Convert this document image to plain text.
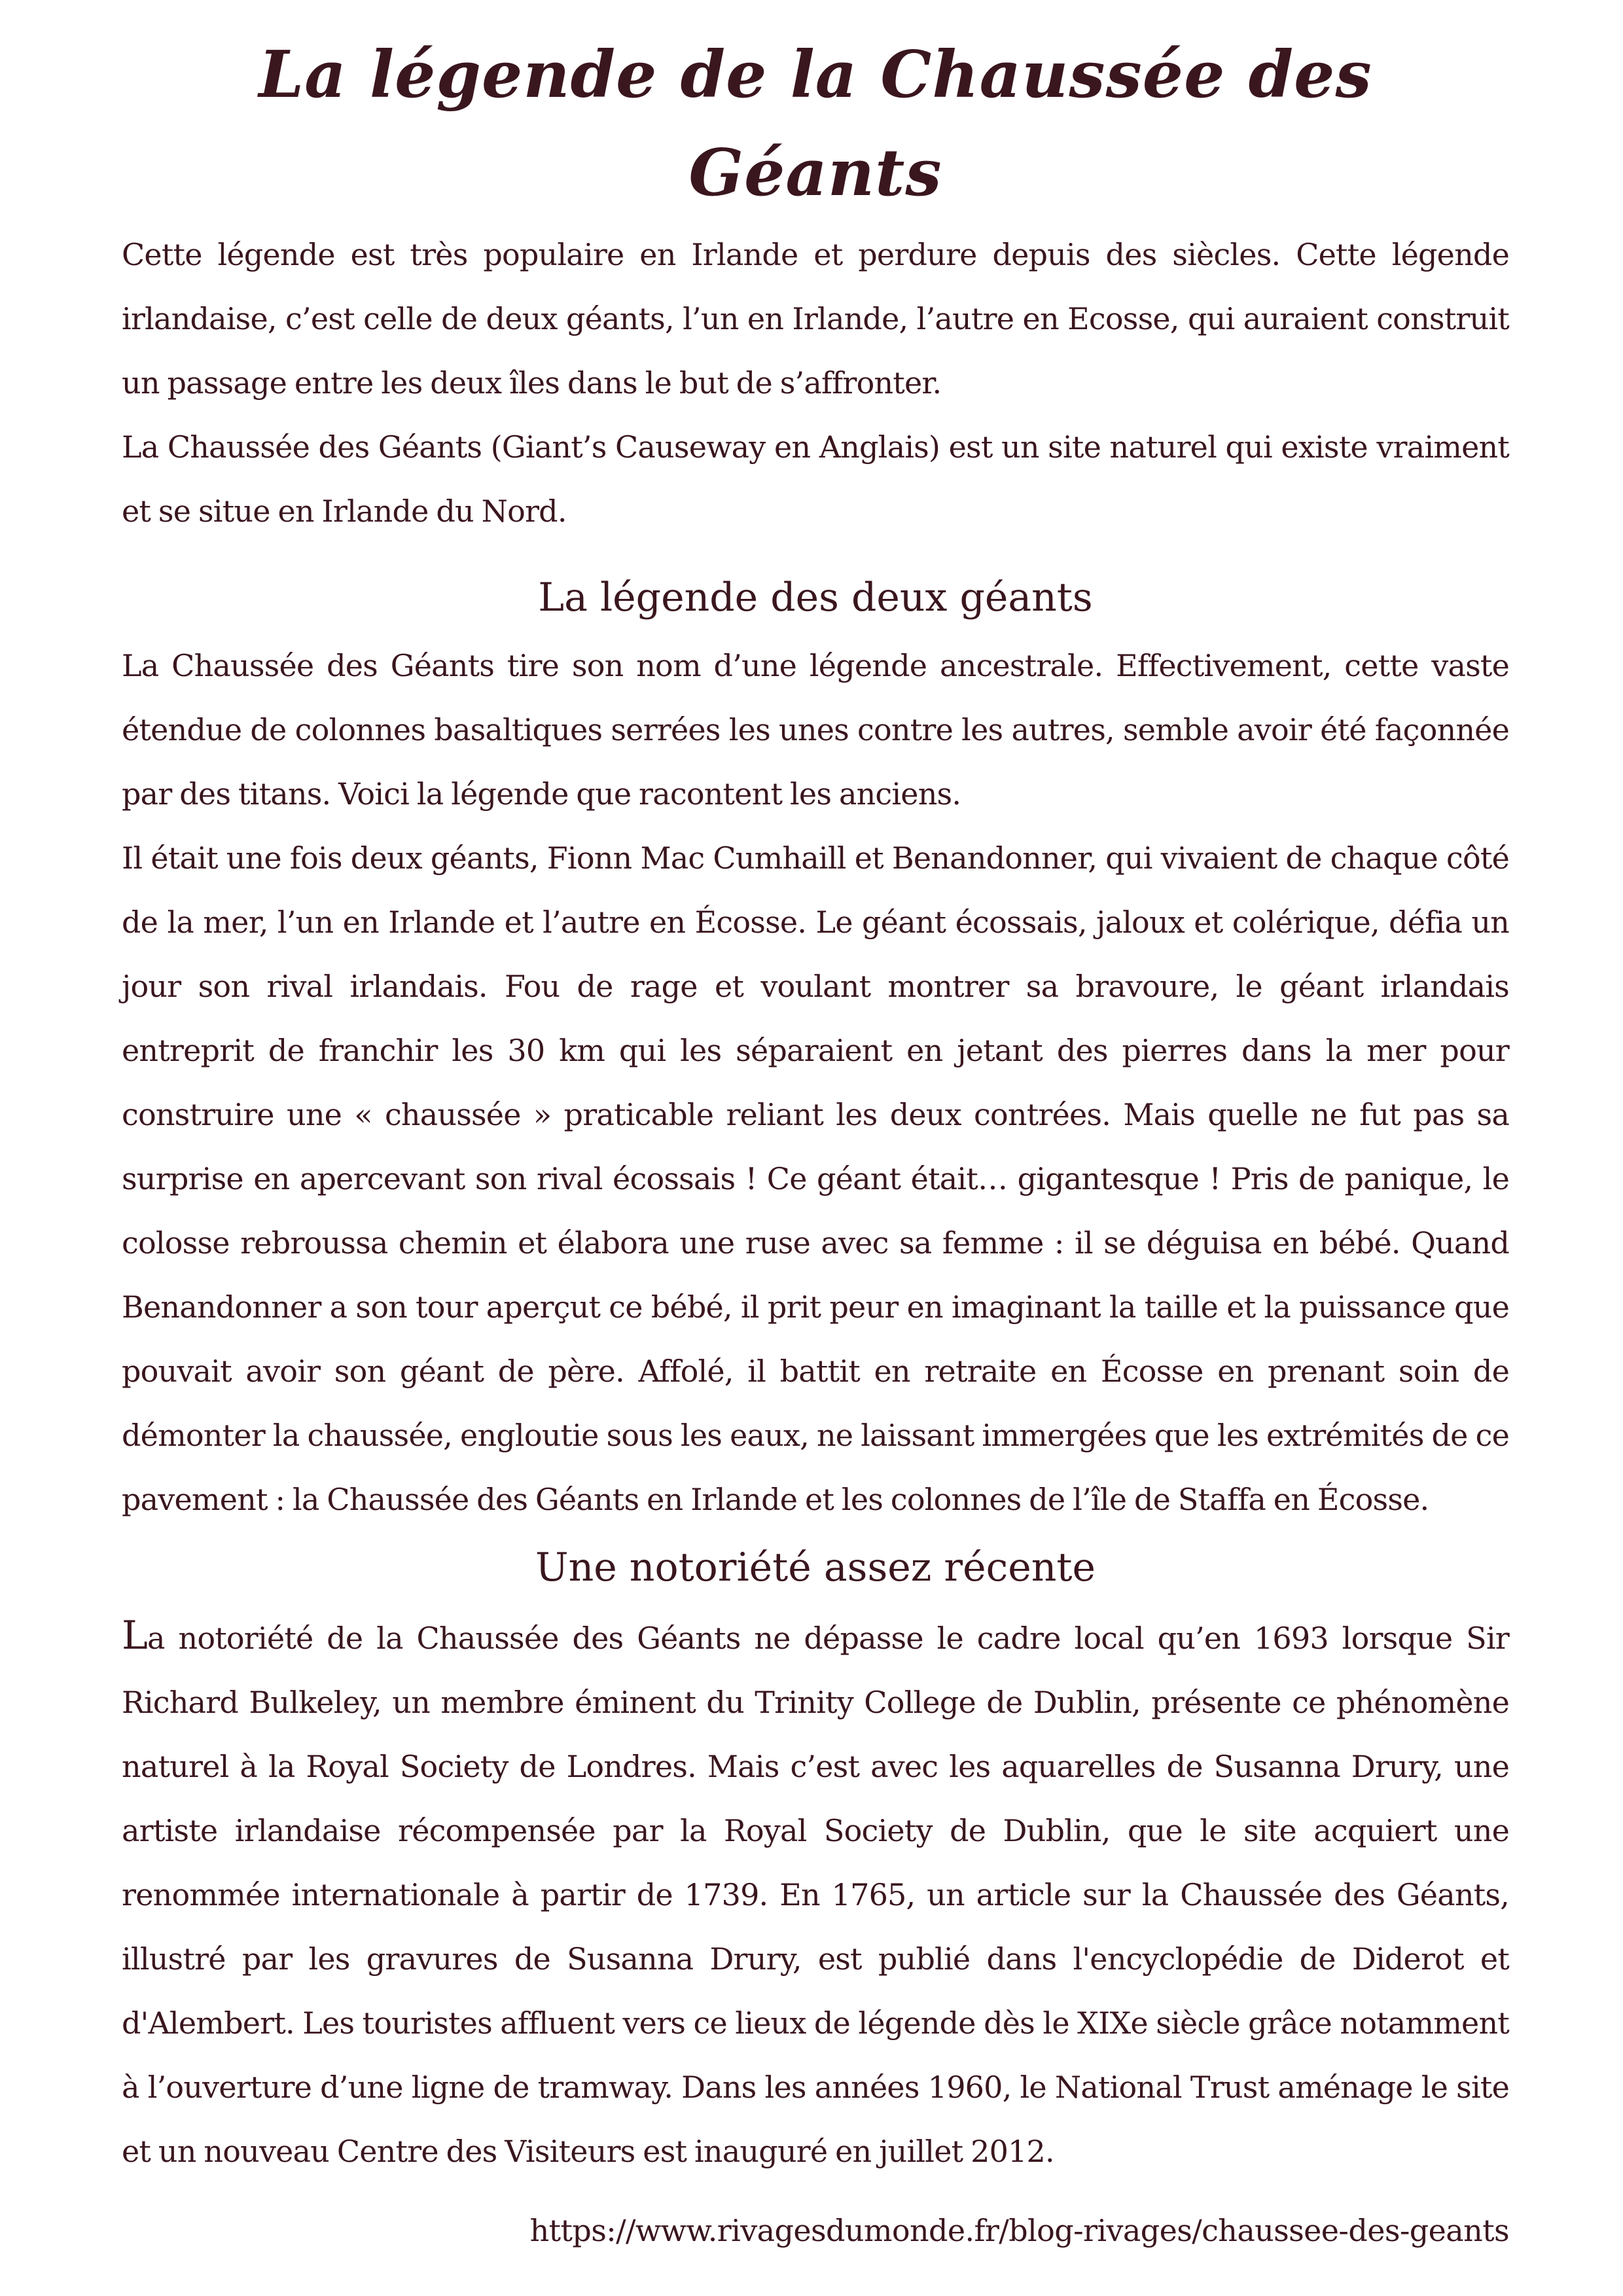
La légende de la Chaussée des Géants

Cette légende est très populaire en Irlande et perdure depuis des siècles. Cette légende irlandaise, c’est celle de deux géants, l’un en Irlande, l’autre en Ecosse, qui auraient construit un passage entre les deux îles dans le but de s’affronter.

La Chaussée des Géants (Giant’s Causeway en Anglais) est un site naturel qui existe vraiment et se situe en Irlande du Nord.

La légende des deux géants

La Chaussée des Géants tire son nom d’une légende ancestrale. Effectivement, cette vaste étendue de colonnes basaltiques serrées les unes contre les autres, semble avoir été façonnée par des titans. Voici la légende que racontent les anciens.

Il était une fois deux géants, Fionn Mac Cumhaill et Benandonner, qui vivaient de chaque côté de la mer, l’un en Irlande et l’autre en Écosse. Le géant écossais, jaloux et colérique, défia un jour son rival irlandais. Fou de rage et voulant montrer sa bravoure, le géant irlandais entreprit de franchir les 30 km qui les séparaient en jetant des pierres dans la mer pour construire une « chaussée » praticable reliant les deux contrées. Mais quelle ne fut pas sa surprise en apercevant son rival écossais ! Ce géant était… gigantesque ! Pris de panique, le colosse rebroussa chemin et élabora une ruse avec sa femme : il se déguisa en bébé. Quand Benandonner a son tour aperçut ce bébé, il prit peur en imaginant la taille et la puissance que pouvait avoir son géant de père. Affolé, il battit en retraite en Écosse en prenant soin de démonter la chaussée, engloutie sous les eaux, ne laissant immergées que les extrémités de ce pavement : la Chaussée des Géants en Irlande et les colonnes de l’île de Staffa en Écosse.

Une notoriété assez récente

La notoriété de la Chaussée des Géants ne dépasse le cadre local qu’en 1693 lorsque Sir Richard Bulkeley, un membre éminent du Trinity College de Dublin, présente ce phénomène naturel à la Royal Society de Londres. Mais c’est avec les aquarelles de Susanna Drury, une artiste irlandaise récompensée par la Royal Society de Dublin, que le site acquiert une renommée internationale à partir de 1739. En 1765, un article sur la Chaussée des Géants, illustré par les gravures de Susanna Drury, est publié dans l'encyclopédie de Diderot et d'Alembert. Les touristes affluent vers ce lieux de légende dès le XIXe siècle grâce notamment à l’ouverture d’une ligne de tramway. Dans les années 1960, le National Trust aménage le site et un nouveau Centre des Visiteurs est inauguré en juillet 2012.

https://www.rivagesdumonde.fr/blog-rivages/chaussee-des-geants
